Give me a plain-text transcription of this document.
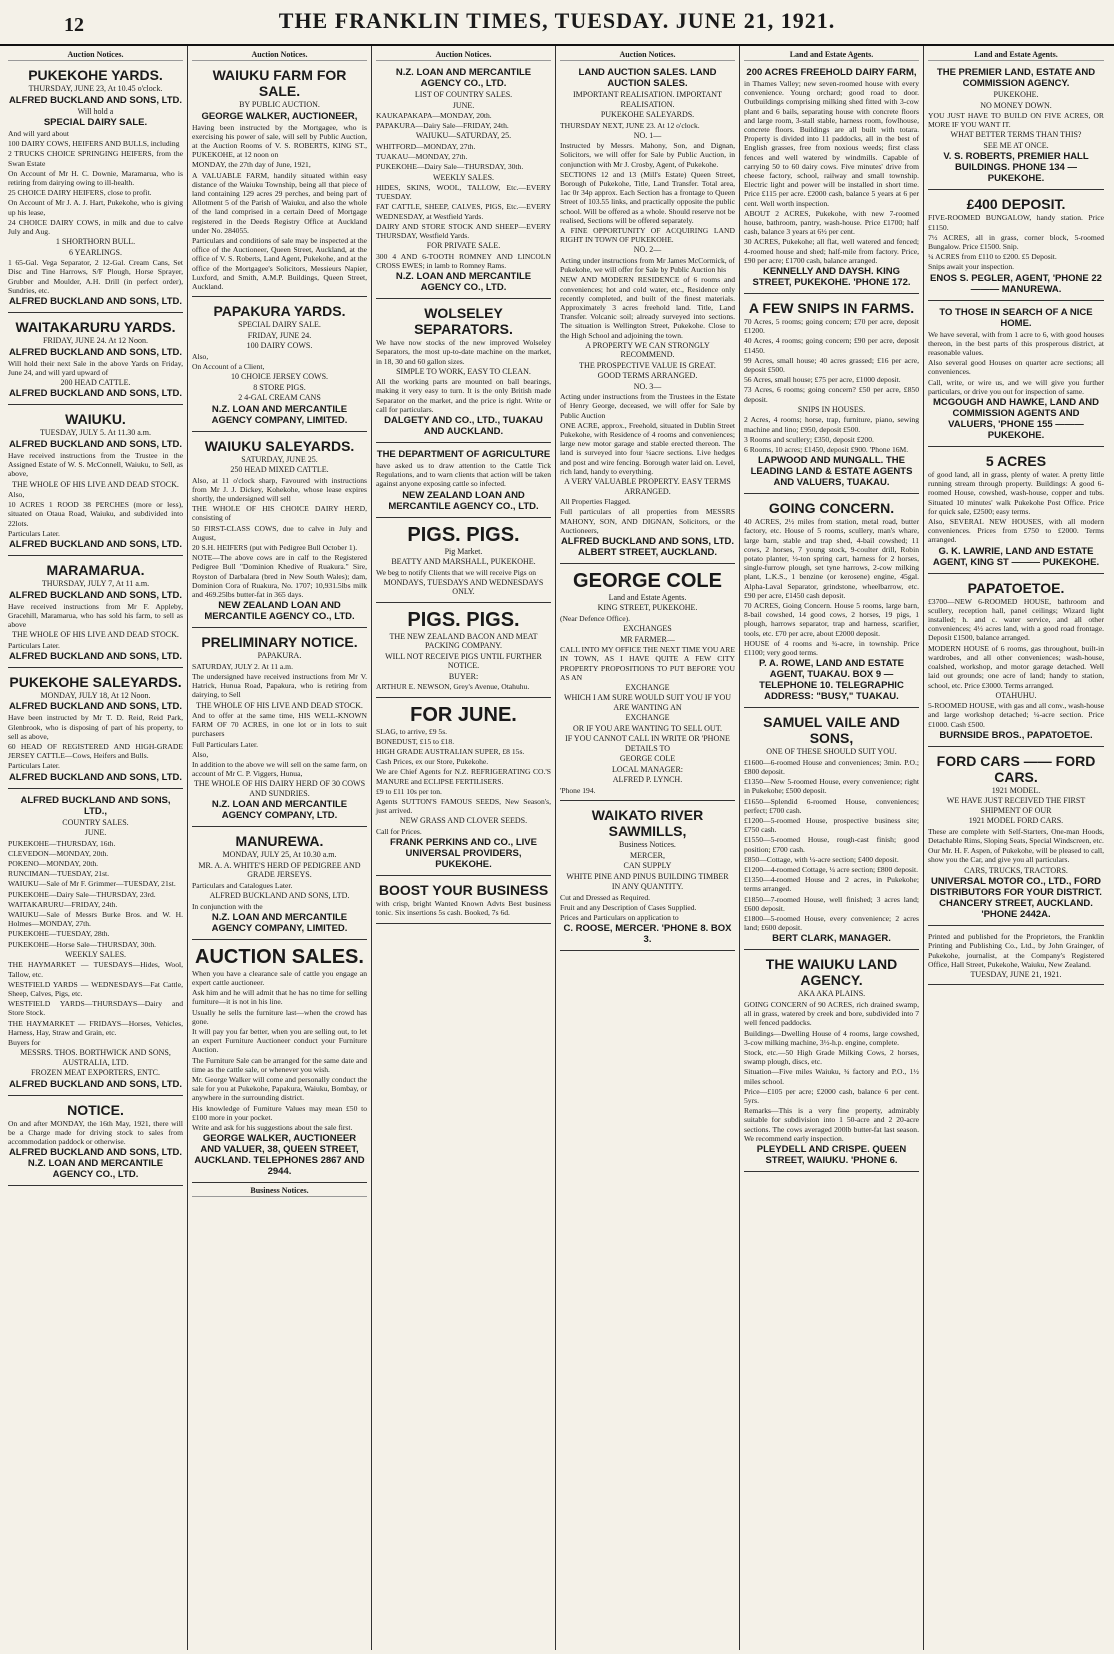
12	THE FRANKLIN TIMES, TUESDAY. JUNE 21, 1921.
Auction Notices.
PUKEKOHE YARDS.
THURSDAY, JUNE 23, At 10.45 o'clock.
ALFRED BUCKLAND AND SONS, LTD.
Will hold a
SPECIAL DAIRY SALE.
And will yard about
100 DAIRY COWS, HEIFERS AND BULLS, including
2 TRUCKS CHOICE SPRINGING HEIFERS, from the Swan Estate
On Account of Mr H. C. Downie, Maramarua, who is retiring from dairying owing to ill-health.
25 CHOICE DAIRY HEIFERS, close to profit.
On Account of Mr J. A. J. Hart, Pukekohe, who is giving up his lease,
24 CHOICE DAIRY COWS, in milk and due to calve July and Aug.
1 SHORTHORN BULL.
6 YEARLINGS.
1 65-Gal. Vega Separator, 2 12-Gal. Cream Cans, Set Disc and Tine Harrows, S/F Plough, Horse Sprayer, Grubber and Moulder, A.H. Drill (in perfect order), Sundries, etc.
ALFRED BUCKLAND AND SONS, LTD.
WAITAKARURU YARDS.
FRIDAY, JUNE 24. At 12 Noon.
ALFRED BUCKLAND AND SONS, LTD.
Will hold their next Sale in the above Yards on Friday, June 24, and will yard upward of
200 HEAD CATTLE.
ALFRED BUCKLAND AND SONS, LTD.
WAIUKU.
TUESDAY, JULY 5. At 11.30 a.m.
ALFRED BUCKLAND AND SONS, LTD.
Have received instructions from the Trustee in the Assigned Estate of W. S. McConnell, Waiuku, to Sell, as above,
THE WHOLE OF HIS LIVE AND DEAD STOCK.
Also,
10 ACRES 1 ROOD 38 PERCHES (more or less), situated on Otaua Road, Waiuku, and subdivided into 22lots.
Particulars Later.
ALFRED BUCKLAND AND SONS, LTD.
MARAMARUA.
THURSDAY, JULY 7, At 11 a.m.
ALFRED BUCKLAND AND SONS, LTD.
Have received instructions from Mr F. Appleby, Gracehill, Maramarua, who has sold his farm, to sell as above
THE WHOLE OF HIS LIVE AND DEAD STOCK.
Particulars Later.
ALFRED BUCKLAND AND SONS, LTD.
PUKEKOHE SALEYARDS.
MONDAY, JULY 18, At 12 Noon.
ALFRED BUCKLAND AND SONS, LTD.
Have been instructed by Mr T. D. Reid, Reid Park, Glenbrook, who is disposing of part of his property, to sell as above,
60 HEAD OF REGISTERED AND HIGH-GRADE JERSEY CATTLE—Cows, Heifers and Bulls.
Particulars Later.
ALFRED BUCKLAND AND SONS, LTD.
ALFRED BUCKLAND AND SONS, LTD.,
COUNTRY SALES.
JUNE.
PUKEKOHE—THURSDAY, 16th.
CLEVEDON—MONDAY, 20th.
POKENO—MONDAY, 20th.
RUNCIMAN—TUESDAY, 21st.
WAIUKU—Sale of Mr F. Grimmer—TUESDAY, 21st.
PUKEKOHE—Dairy Sale—THURSDAY, 23rd.
WAITAKARURU—FRIDAY, 24th.
WAIUKU—Sale of Messrs Burke Bros. and W. H. Holmes—MONDAY, 27th.
PUKEKOHE—TUESDAY, 28th.
PUKEKOHE—Horse Sale—THURSDAY, 30th.
WEEKLY SALES.
THE HAYMARKET — TUESDAYS—Hides, Wool, Tallow, etc.
WESTFIELD YARDS — WEDNESDAYS—Fat Cattle, Sheep, Calves, Pigs, etc.
WESTFIELD YARDS—THURSDAYS—Dairy and Store Stock.
THE HAYMARKET — FRIDAYS—Horses, Vehicles, Harness, Hay, Straw and Grain, etc.
Buyers for
MESSRS. THOS. BORTHWICK AND SONS, AUSTRALIA, LTD.
FROZEN MEAT EXPORTERS, ENTC.
ALFRED BUCKLAND AND SONS, LTD.
NOTICE.
On and after MONDAY, the 16th May, 1921, there will be a Charge made for driving stock to sales from accommodation paddock or otherwise.
ALFRED BUCKLAND AND SONS, LTD. N.Z. LOAN AND MERCANTILE AGENCY CO., LTD.
Auction Notices.
WAIUKU FARM FOR SALE.
BY PUBLIC AUCTION.
GEORGE WALKER, AUCTIONEER,
Having been instructed by the Mortgagee, who is exercising his power of sale, will sell by Public Auction, at the Auction Rooms of V. S. ROBERTS, KING ST., PUKEKOHE, at 12 noon on
MONDAY, the 27th day of June, 1921,
A VALUABLE FARM, handily situated within easy distance of the Waiuku Township, being all that piece of land containing 129 acres 29 perches, and being part of Allotment 5 of the Parish of Waiuku, and also the whole of the land comprised in a certain Deed of Mortgage registered in the Deeds Registry Office at Auckland under No. 284055.
Particulars and conditions of sale may be inspected at the office of the Auctioneer, Queen Street, Auckland, at the office of V. S. Roberts, Land Agent, Pukekohe, and at the office of the Mortgagee's Solicitors, Messieurs Napier, Luxford, and Smith, A.M.P. Buildings, Queen Street, Auckland.
PAPAKURA YARDS.
SPECIAL DAIRY SALE.
FRIDAY, JUNE 24.
100 DAIRY COWS.
Also,
On Account of a Client,
10 CHOICE JERSEY COWS.
8 STORE PIGS.
2 4-GAL CREAM CANS
N.Z. LOAN AND MERCANTILE AGENCY COMPANY, LIMITED.
WAIUKU SALEYARDS.
SATURDAY, JUNE 25.
250 HEAD MIXED CATTLE.
Also, at 11 o'clock sharp, Favoured with instructions from Mr J. J. Dickey, Kohekohe, whose lease expires shortly, the undersigned will sell
THE WHOLE OF HIS CHOICE DAIRY HERD, consisting of
50 FIRST-CLASS COWS, due to calve in July and August,
20 S.H. HEIFERS (put with Pedigree Bull October 1).
NOTE—The above cows are in calf to the Registered Pedigree Bull "Dominion Khedive of Ruakura." Sire, Royston of Darbalara (bred in New South Wales); dam, Dominion Cora of Ruakura, No. 1707; 10,931.5lbs milk and 469.25lbs butter-fat in 365 days.
NEW ZEALAND LOAN AND MERCANTILE AGENCY CO., LTD.
PRELIMINARY NOTICE.
PAPAKURA.
SATURDAY, JULY 2. At 11 a.m.
The undersigned have received instructions from Mr V. Hatrick, Hunua Road, Papakura, who is retiring from dairying, to Sell
THE WHOLE OF HIS LIVE AND DEAD STOCK.
And to offer at the same time, HIS WELL-KNOWN FARM OF 70 ACRES, in one lot or in lots to suit purchasers
Full Particulars Later.
Also,
In addition to the above we will sell on the same farm, on account of Mr C. P. Viggers, Hunua,
THE WHOLE OF HIS DAIRY HERD OF 30 COWS AND SUNDRIES.
N.Z. LOAN AND MERCANTILE AGENCY COMPANY, LTD.
MANUREWA.
MONDAY, JULY 25, At 10.30 a.m.
MR. A. A. WHITE'S HERD OF PEDIGREE AND GRADE JERSEYS.
Particulars and Catalogues Later.
ALFRED BUCKLAND AND SONS, LTD.
In conjunction with the
N.Z. LOAN AND MERCANTILE AGENCY COMPANY, LIMITED.
AUCTION SALES.
When you have a clearance sale of cattle you engage an expert cattle auctioneer.
Ask him and he will admit that he has no time for selling furniture—it is not in his line.
Usually he sells the furniture last—when the crowd has gone.
It will pay you far better, when you are selling out, to let an expert Furniture Auctioneer conduct your Furniture Auction.
The Furniture Sale can be arranged for the same date and time as the cattle sale, or whenever you wish.
Mr. George Walker will come and personally conduct the sale for you at Pukekohe, Papakura, Waiuku, Bombay, or anywhere in the surrounding district.
His knowledge of Furniture Values may mean £50 to £100 more in your pocket.
Write and ask for his suggestions about the sale first.
GEORGE WALKER, AUCTIONEER AND VALUER, 38, QUEEN STREET, AUCKLAND. TELEPHONES 2867 AND 2944.
Business Notices.
Auction Notices.
N.Z. LOAN AND MERCANTILE AGENCY CO., LTD.
LIST OF COUNTRY SALES.
JUNE.
KAUKAPAKAPA—MONDAY, 20th.
PAPAKURA—Dairy Sale—FRIDAY, 24th.
WAIUKU—SATURDAY, 25.
WHITFORD—MONDAY, 27th.
TUAKAU—MONDAY, 27th.
PUKEKOHE—Dairy Sale—THURSDAY, 30th.
WEEKLY SALES.
HIDES, SKINS, WOOL, TALLOW, Etc.—EVERY TUESDAY.
FAT CATTLE, SHEEP, CALVES, PIGS, Etc.—EVERY WEDNESDAY, at Westfield Yards.
DAIRY AND STORE STOCK AND SHEEP—EVERY THURSDAY, Westfield Yards.
FOR PRIVATE SALE.
300 4 AND 6-TOOTH ROMNEY AND LINCOLN CROSS EWES; in lamb to Romney Rams.
N.Z. LOAN AND MERCANTILE AGENCY CO., LTD.
WOLSELEY SEPARATORS.
We have now stocks of the new improved Wolseley Separators, the most up-to-date machine on the market, in 18, 30 and 60 gallon sizes.
SIMPLE TO WORK, EASY TO CLEAN.
All the working parts are mounted on ball bearings, making it very easy to turn. It is the only British made Separator on the market, and the price is right. Write or call for particulars.
DALGETY AND CO., LTD., TUAKAU AND AUCKLAND.
THE DEPARTMENT OF AGRICULTURE
have asked us to draw attention to the Cattle Tick Regulations, and to warn clients that action will be taken against anyone exposing cattle so infected.
NEW ZEALAND LOAN AND MERCANTILE AGENCY CO., LTD.
PIGS. PIGS.
Pig Market.
BEATTY AND MARSHALL, PUKEKOHE.
We beg to notify Clients that we will receive Pigs on
MONDAYS, TUESDAYS AND WEDNESDAYS ONLY.
PIGS. PIGS.
THE NEW ZEALAND BACON AND MEAT PACKING COMPANY.
WILL NOT RECEIVE PIGS UNTIL FURTHER NOTICE.
BUYER:
ARTHUR E. NEWSON, Grey's Avenue, Otahuhu.
FOR JUNE.
SLAG, to arrive, £9 5s.
BONEDUST, £15 to £18.
HIGH GRADE AUSTRALIAN SUPER, £8 15s.
Cash Prices, ex our Store, Pukekohe.
We are Chief Agents for N.Z. REFRIGERATING CO.'S MANURE and ECLIPSE FERTILISERS.
£9 to £11 10s per ton.
Agents SUTTON'S FAMOUS SEEDS, New Season's, just arrived.
NEW GRASS AND CLOVER SEEDS.
Call for Prices.
FRANK PERKINS AND CO., LIVE UNIVERSAL PROVIDERS, PUKEKOHE.
BOOST YOUR BUSINESS
with crisp, bright Wanted Known Advts Best business tonic. Six insertions 5s cash. Booked, 7s 6d.
Auction Notices.
LAND AUCTION SALES. LAND AUCTION SALES.
IMPORTANT REALISATION. IMPORTANT REALISATION.
PUKEKOHE SALEYARDS.
THURSDAY NEXT, JUNE 23. At 12 o'clock.
NO. 1—
Instructed by Messrs. Mahony, Son, and Dignan, Solicitors, we will offer for Sale by Public Auction, in conjunction with Mr J. Crosby, Agent, of Pukekohe.
SECTIONS 12 and 13 (Mill's Estate) Queen Street, Borough of Pukekohe, Title, Land Transfer. Total area, 1ac 0r 34p approx. Each Section has a frontage to Queen Street of 103.55 links, and practically opposite the public school. Will be offered as a whole. Should reserve not be realised, Sections will be offered separately.
A FINE OPPORTUNITY OF ACQUIRING LAND RIGHT IN TOWN OF PUKEKOHE.
NO. 2—
Acting under instructions from Mr James McCormick, of Pukekohe, we will offer for Sale by Public Auction his
NEW AND MODERN RESIDENCE of 6 rooms and conveniences; hot and cold water, etc., Residence only recently completed, and built of the finest materials. Approximately 3 acres freehold land. Title, Land Transfer. Volcanic soil; already surveyed into sections. The situation is Wellington Street, Pukekohe. Close to the High School and adjoining the town.
A PROPERTY WE CAN STRONGLY RECOMMEND.
THE PROSPECTIVE VALUE IS GREAT.
GOOD TERMS ARRANGED.
NO. 3—
Acting under instructions from the Trustees in the Estate of Henry George, deceased, we will offer for Sale by Public Auction
ONE ACRE, approx., Freehold, situated in Dublin Street Pukekohe, with Residence of 4 rooms and conveniences; large new motor garage and stable erected thereon. The land is surveyed into four ¼acre sections. Live hedges and post and wire fencing. Borough water laid on. Level, rich land, handy to everything.
A VERY VALUABLE PROPERTY. EASY TERMS ARRANGED.
All Properties Flagged.
Full particulars of all properties from MESSRS MAHONY, SON, AND DIGNAN, Solicitors, or the Auctioneers,
ALFRED BUCKLAND AND SONS, LTD. ALBERT STREET, AUCKLAND.
GEORGE COLE
Land and Estate Agents.
KING STREET, PUKEKOHE.
(Near Defence Office).
EXCHANGES
MR FARMER—
CALL INTO MY OFFICE THE NEXT TIME YOU ARE IN TOWN, AS I HAVE QUITE A FEW CITY PROPERTY PROPOSITIONS TO PUT BEFORE YOU AS AN
EXCHANGE
WHICH I AM SURE WOULD SUIT YOU IF YOU ARE WANTING AN
EXCHANGE
OR IF YOU ARE WANTING TO SELL OUT.
IF YOU CANNOT CALL IN WRITE OR 'PHONE DETAILS TO
GEORGE COLE
LOCAL MANAGER:
ALFRED P. LYNCH.
'Phone 194.
WAIKATO RIVER SAWMILLS,
Business Notices.
MERCER,
CAN SUPPLY
WHITE PINE AND PINUS BUILDING TIMBER
IN ANY QUANTITY.
Cut and Dressed as Required.
Fruit and any Description of Cases Supplied.
Prices and Particulars on application to
C. ROOSE, MERCER. 'PHONE 8. BOX 3.
Land and Estate Agents.
200 ACRES FREEHOLD DAIRY FARM,
in Thames Valley; new seven-roomed house with every convenience. Young orchard; good road to door. Outbuildings comprising milking shed fitted with 3-cow plant and 6 bails, separating house with concrete floors and large room, 3-stall stable, harness room, fowlhouse, concrete floors. Buildings are all built with totara. Property is divided into 11 paddocks, all in the best of English grasses, free from noxious weeds; first class fences and well watered by windmills. Capable of carrying 50 to 60 dairy cows. Five minutes' drive from cheese factory, school, railway and small township. Electric light and power will be installed in short time. Price £115 per acre. £2000 cash, balance 5 years at 6 per cent. Well worth inspection.
ABOUT 2 ACRES, Pukekohe, with new 7-roomed house, bathroom, pantry, wash-house. Price £1700; half cash, balance 3 years at 6½ per cent.
30 ACRES, Pukekohe; all flat, well watered and fenced; 4-roomed house and shed; half-mile from factory. Price, £90 per acre; £1700 cash, balance arranged.
KENNELLY AND DAYSH. KING STREET, PUKEKOHE. 'PHONE 172.
A FEW SNIPS IN FARMS.
70 Acres, 5 rooms; going concern; £70 per acre, deposit £1200.
40 Acres, 4 rooms; going concern; £90 per acre, deposit £1450.
99 Acres, small house; 40 acres grassed; £16 per acre, deposit £500.
56 Acres, small house; £75 per acre, £1000 deposit.
73 Acres, 6 rooms; going concern? £50 per acre, £850 deposit.
SNIPS IN HOUSES.
2 Acres, 4 rooms; horse, trap, furniture, piano, sewing machine and lino; £950, deposit £500.
3 Rooms and scullery; £350, deposit £200.
6 Rooms, 10 acres; £1450, deposit £900. 'Phone 16M.
LAPWOOD AND MUNGALL. THE LEADING LAND & ESTATE AGENTS AND VALUERS, TUAKAU.
GOING CONCERN.
40 ACRES, 2½ miles from station, metal road, butter factory, etc. House of 5 rooms, scullery, man's whare, large barn, stable and trap shed, 4-bail cowshed; 11 cows, 2 horses, 7 young stock, 9-coulter drill, Robin potato planter, ½-ton spring cart, harness for 2 horses, single-furrow plough, set tyne harrows, 2-cow milking plant, L.K.S., 1 benzine (or kerosene) engine, 45gal. Alpha-Laval Separator, grindstone, wheelbarrow, etc. £90 per acre, £1450 cash deposit.
70 ACRES, Going Concern. House 5 rooms, large barn, 8-bail cowshed, 14 good cows, 2 horses, 19 pigs, 1 plough, harrows separator, trap and harness, scarifier, tools, etc. £70 per acre, about £2000 deposit.
HOUSE of 4 rooms and ¾-acre, in township. Price £1100; very good terms.
P. A. ROWE, LAND AND ESTATE AGENT, TUAKAU. BOX 9 — TELEPHONE 10. TELEGRAPHIC ADDRESS: "BUSY," TUAKAU.
SAMUEL VAILE AND SONS,
ONE OF THESE SHOULD SUIT YOU.
£1600—6-roomed House and conveniences; 3min. P.O.; £800 deposit.
£1350—New 5-roomed House, every convenience; right in Pukekohe; £500 deposit.
£1650—Splendid 6-roomed House, conveniences; perfect; £700 cash.
£1200—5-roomed House, prospective business site; £750 cash.
£1550—5-roomed House, rough-cast finish; good position; £700 cash.
£850—Cottage, with ¼-acre section; £400 deposit.
£1200—4-roomed Cottage, ¼ acre section; £800 deposit.
£1350—4-roomed House and 2 acres, in Pukekohe; terms arranged.
£1850—7-roomed House, well finished; 3 acres land; £600 deposit.
£1800—5-roomed House, every convenience; 2 acres land; £600 deposit.
BERT CLARK, MANAGER.
THE WAIUKU LAND AGENCY.
AKA AKA PLAINS.
GOING CONCERN of 90 ACRES, rich drained swamp, all in grass, watered by creek and bore, subdivided into 7 well fenced paddocks.
Buildings—Dwelling House of 4 rooms, large cowshed, 3-cow milking machine, 3½-h.p. engine, complete.
Stock, etc.—50 High Grade Milking Cows, 2 horses, swamp plough, discs, etc.
Situation—Five miles Waiuku, ¾ factory and P.O., 1½ miles school.
Price—£105 per acre; £2000 cash, balance 6 per cent. 5yrs.
Remarks—This is a very fine property, admirably suitable for subdivision into 1 50-acre and 2 20-acre sections. The cows averaged 200lb butter-fat last season. We recommend early inspection.
PLEYDELL AND CRISPE. QUEEN STREET, WAIUKU. 'PHONE 6.
Land and Estate Agents.
THE PREMIER LAND, ESTATE AND COMMISSION AGENCY.
PUKEKOHE.
NO MONEY DOWN.
YOU JUST HAVE TO BUILD ON FIVE ACRES, OR MORE IF YOU WANT IT.
WHAT BETTER TERMS THAN THIS?
SEE ME AT ONCE.
V. S. ROBERTS, PREMIER HALL BUILDINGS. PHONE 134 — PUKEKOHE.
£400 DEPOSIT.
FIVE-ROOMED BUNGALOW, handy station. Price £1150.
7½ ACRES, all in grass, corner block, 5-roomed Bungalow. Price £1500. Snip.
¼ ACRES from £110 to £200. £5 Deposit.
Snips await your inspection.
ENOS S. PEGLER, AGENT, 'PHONE 22 ——— MANUREWA.
TO THOSE IN SEARCH OF A NICE HOME.
We have several, with from 1 acre to 6, with good houses thereon, in the best parts of this prosperous district, at reasonable values.
Also several good Houses on quarter acre sections; all conveniences.
Call, write, or wire us, and we will give you further particulars, or drive you out for inspection of same.
MCGOUGH AND HAWKE, LAND AND COMMISSION AGENTS AND VALUERS, 'PHONE 155 ——— PUKEKOHE.
5 ACRES
of good land, all in grass, plenty of water. A pretty little running stream through property. Buildings: A good 6-roomed House, cowshed, wash-house, copper and tubs. Situated 10 minutes' walk Pukekohe Post Office. Price for quick sale, £2500; easy terms.
Also, SEVERAL NEW HOUSES, with all modern conveniences. Prices from £750 to £2000. Terms arranged.
G. K. LAWRIE, LAND AND ESTATE AGENT, KING ST ——— PUKEKOHE.
PAPATOETOE.
£3700—NEW 6-ROOMED HOUSE, bathroom and scullery, reception hall, panel ceilings; Wizard light installed; h. and c. water service, and all other conveniences; 4½ acres land, with a good road frontage. Deposit £1500, balance arranged.
MODERN HOUSE of 6 rooms, gas throughout, built-in wardrobes, and all other conveniences; wash-house, coalshed, workshop, and motor garage detached. Well laid out grounds; one acre of land; handy to station, school, etc. Price £3000. Terms arranged.
OTAHUHU.
5-ROOMED HOUSE, with gas and all conv., wash-house and large workshop detached; ¼-acre section. Price £1000. Cash £500.
BURNSIDE BROS., PAPATOETOE.
FORD CARS —— FORD CARS.
1921 MODEL.
WE HAVE JUST RECEIVED THE FIRST SHIPMENT OF OUR
1921 MODEL FORD CARS.
These are complete with Self-Starters, One-man Hoods, Detachable Rims, Sloping Seats, Special Windscreen, etc.
Our Mr. H. F. Aspen, of Pukekohe, will be pleased to call, show you the Car, and give you all particulars.
CARS, TRUCKS, TRACTORS.
UNIVERSAL MOTOR CO., LTD., FORD DISTRIBUTORS FOR YOUR DISTRICT. CHANCERY STREET, AUCKLAND. 'PHONE 2442A.
Printed and published for the Proprietors, the Franklin Printing and Publishing Co., Ltd., by John Grainger, of Pukekohe, journalist, at the Company's Registered Office, Hall Street, Pukekohe, Waiuku, New Zealand.
TUESDAY, JUNE 21, 1921.
